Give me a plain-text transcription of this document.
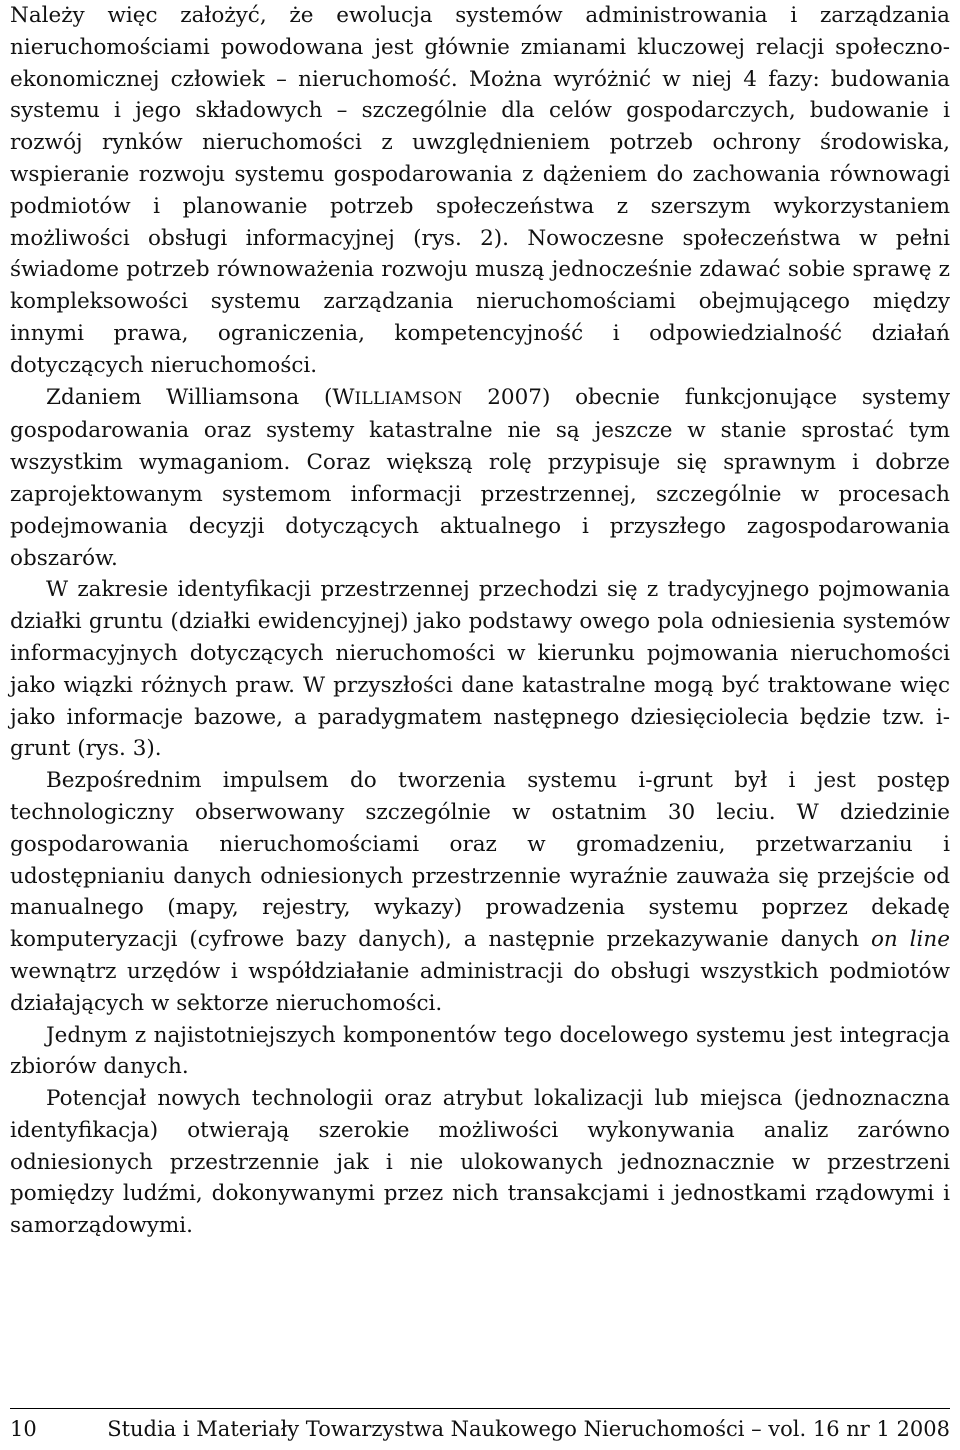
Należy więc założyć, że ewolucja systemów administrowania i zarządzania nieruchomościami powodowana jest głównie zmianami kluczowej relacji społeczno-ekonomicznej człowiek – nieruchomość. Można wyróżnić w niej 4 fazy: budowania systemu i jego składowych – szczególnie dla celów gospodarczych, budowanie i rozwój rynków nieruchomości z uwzględnieniem potrzeb ochrony środowiska, wspieranie rozwoju systemu gospodarowania z dążeniem do zachowania równowagi podmiotów i planowanie potrzeb społeczeństwa z szerszym wykorzystaniem możliwości obsługi informacyjnej (rys. 2). Nowoczesne społeczeństwa w pełni świadome potrzeb równoważenia rozwoju muszą jednocześnie zdawać sobie sprawę z kompleksowości systemu zarządzania nieruchomościami obejmującego między innymi prawa, ograniczenia, kompetencyjność i odpowiedzialność działań dotyczących nieruchomości.

Zdaniem Williamsona (WILLIAMSON 2007) obecnie funkcjonujące systemy gospodarowania oraz systemy katastralne nie są jeszcze w stanie sprostać tym wszystkim wymaganiom. Coraz większą rolę przypisuje się sprawnym i dobrze zaprojektowanym systemom informacji przestrzennej, szczególnie w procesach podejmowania decyzji dotyczących aktualnego i przyszłego zagospodarowania obszarów.

W zakresie identyfikacji przestrzennej przechodzi się z tradycyjnego pojmowania działki gruntu (działki ewidencyjnej) jako podstawy owego pola odniesienia systemów informacyjnych dotyczących nieruchomości w kierunku pojmowania nieruchomości jako wiązki różnych praw. W przyszłości dane katastralne mogą być traktowane więc jako informacje bazowe, a paradygmatem następnego dziesięciolecia będzie tzw. i-grunt (rys. 3).

Bezpośrednim impulsem do tworzenia systemu i-grunt był i jest postęp technologiczny obserwowany szczególnie w ostatnim 30 leciu. W dziedzinie gospodarowania nieruchomościami oraz w gromadzeniu, przetwarzaniu i udostępnianiu danych odniesionych przestrzennie wyraźnie zauważa się przejście od manualnego (mapy, rejestry, wykazy) prowadzenia systemu poprzez dekadę komputeryzacji (cyfrowe bazy danych), a następnie przekazywanie danych on line wewnątrz urzędów i współdziałanie administracji do obsługi wszystkich podmiotów działających w sektorze nieruchomości.

Jednym z najistotniejszych komponentów tego docelowego systemu jest integracja zbiorów danych.

Potencjał nowych technologii oraz atrybut lokalizacji lub miejsca (jednoznaczna identyfikacja) otwierają szerokie możliwości wykonywania analiz zarówno odniesionych przestrzennie jak i nie ulokowanych jednoznacznie w przestrzeni pomiędzy ludźmi, dokonywanymi przez nich transakcjami i jednostkami rządowymi i samorządowymi.

10	Studia i Materiały Towarzystwa Naukowego Nieruchomości – vol. 16 nr 1 2008
